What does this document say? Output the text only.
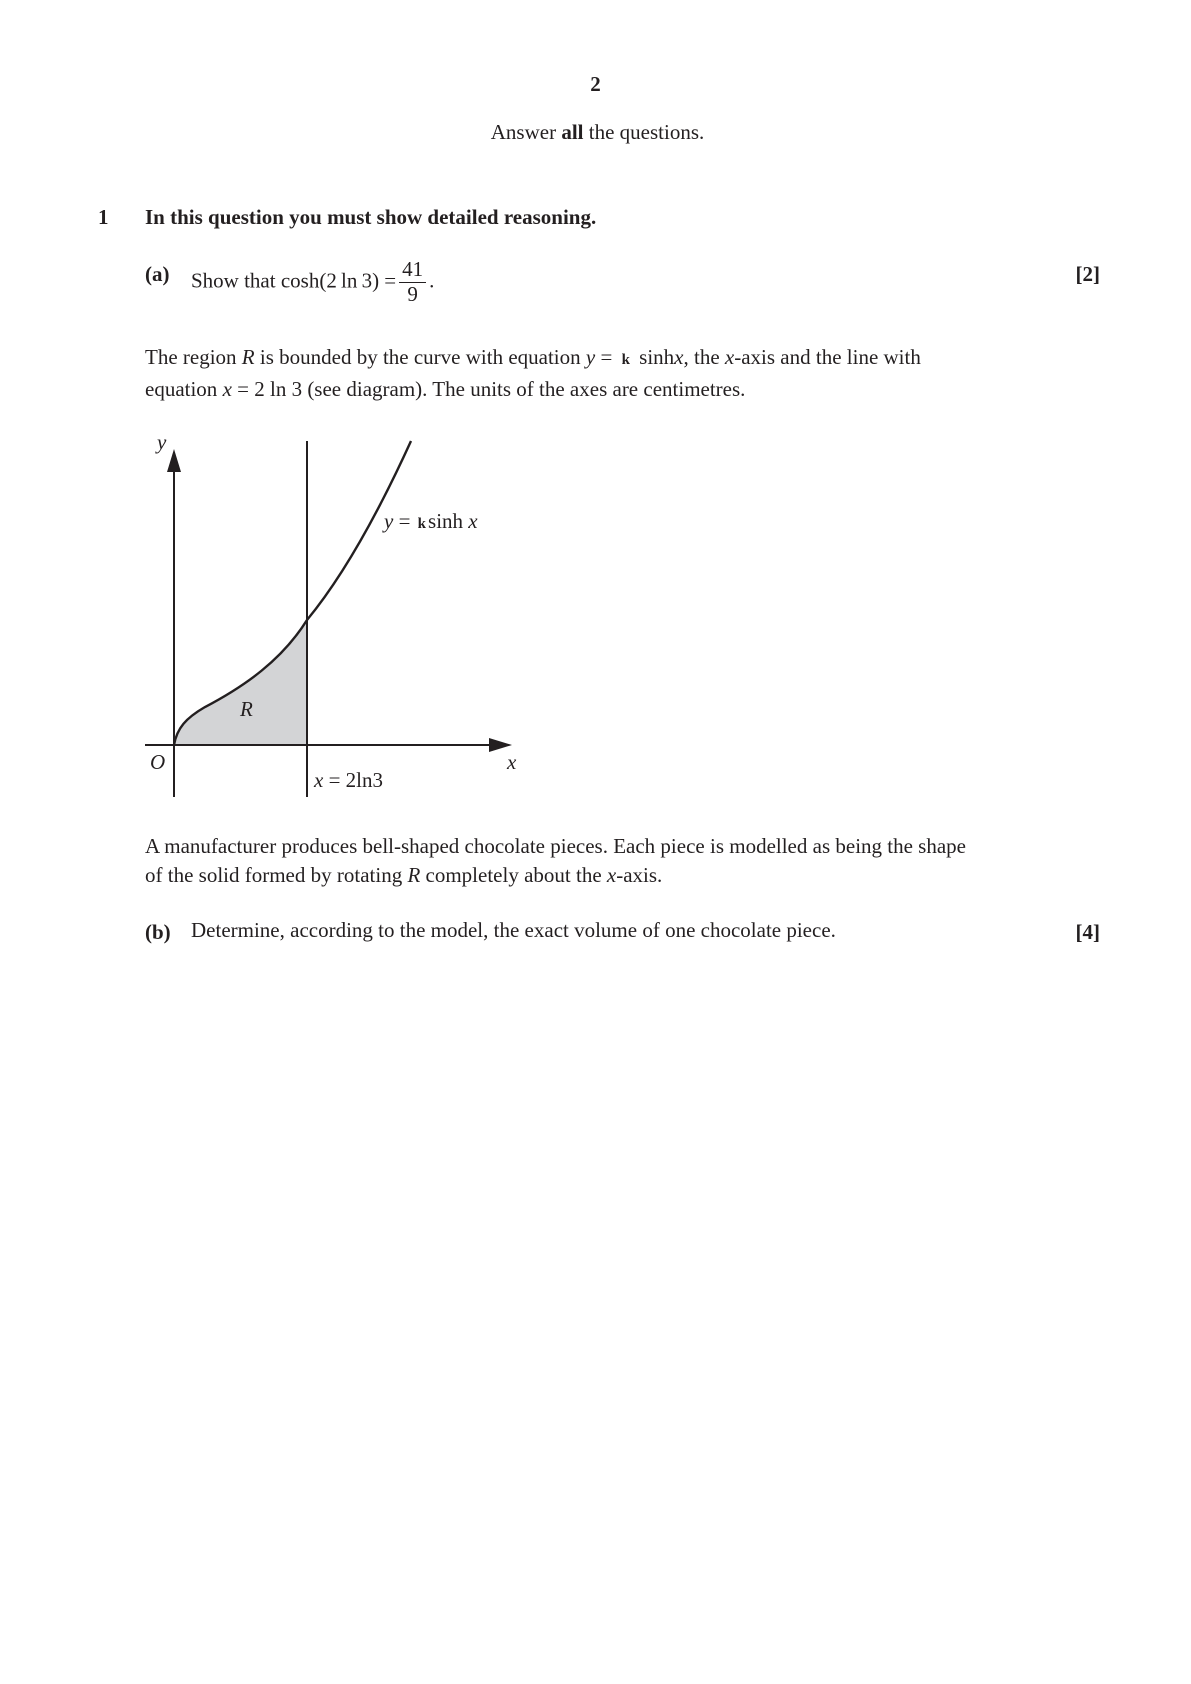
2
Answer all the questions.
1 In this question you must show detailed reasoning.
(a) Show that cosh(2 $\ln 3) = \frac{41}{9}$ .	[2]
The region R is bounded by the curve with equation y = k sinhx, the x-axis and the line with
equation x = 2 ln 3 (see diagram). The units of the axes are centimetres.
y
x
O
R
y = ksinh x
x = 2ln3
A manufacturer produces bell-shaped chocolate pieces. Each piece is modelled as being the shape
of the solid formed by rotating R completely about the x-axis.
(b) Determine, according to the model, the exact volume of one chocolate piece.	[4]
